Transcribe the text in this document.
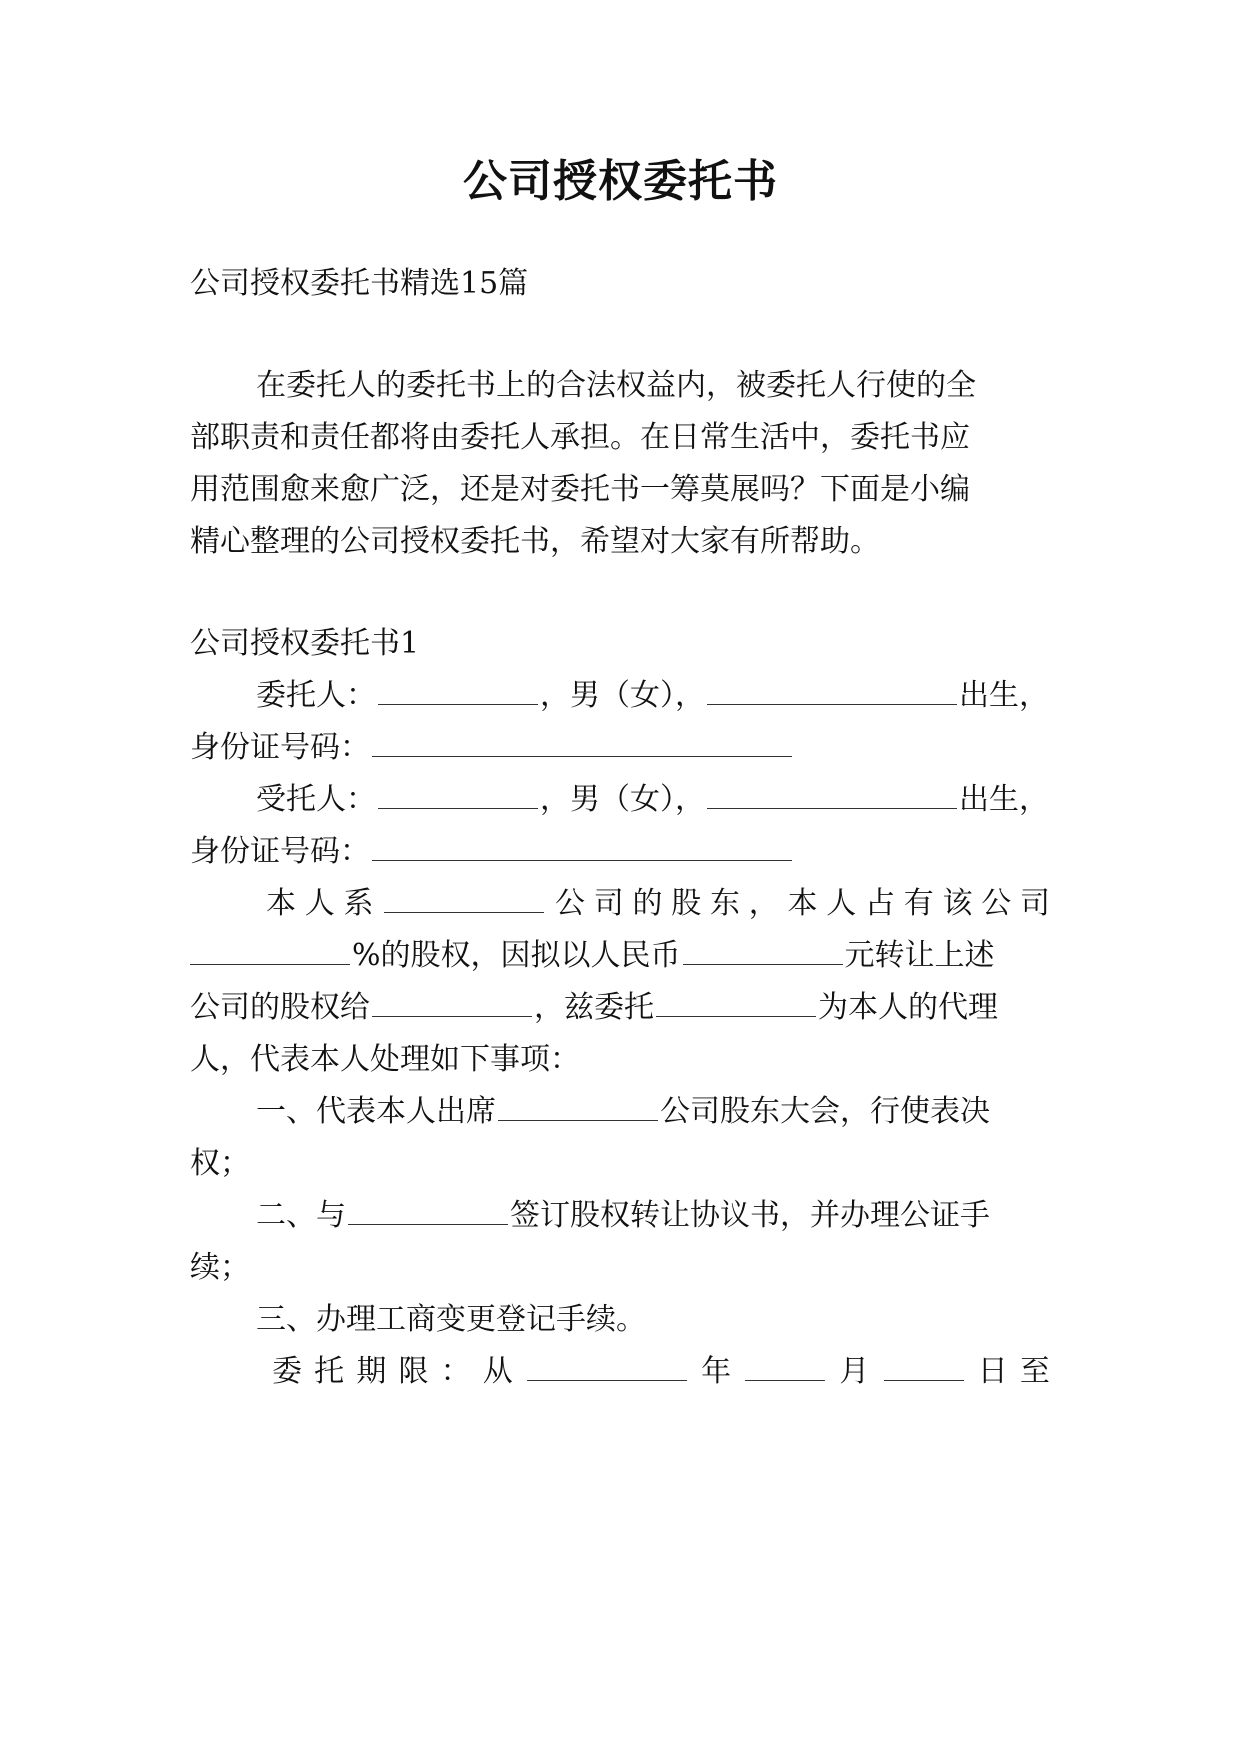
公司授权委托书
公司授权委托书精选15篇
在委托人的委托书上的合法权益内，被委托人行使的全
部职责和责任都将由委托人承担。在日常生活中，委托书应
用范围愈来愈广泛，还是对委托书一筹莫展吗？下面是小编
精心整理的公司授权委托书，希望对大家有所帮助。
公司授权委托书1
委托人：	，男（女），	出生，
身份证号码：
受托人：	，男（女），	出生，
身份证号码：
本 人 系	公 司 的 股 东 ， 本 人 占 有 该 公 司
%的股权，因拟以人民币	元转让上述
公司的股权给	，兹委托	为本人的代理
人，代表本人处理如下事项：
一、代表本人出席	公司股东大会，行使表决
权；
二、与	签订股权转让协议书，并办理公证手
续；
三、办理工商变更登记手续。
委 托 期 限 ： 从	年	月	日 至
